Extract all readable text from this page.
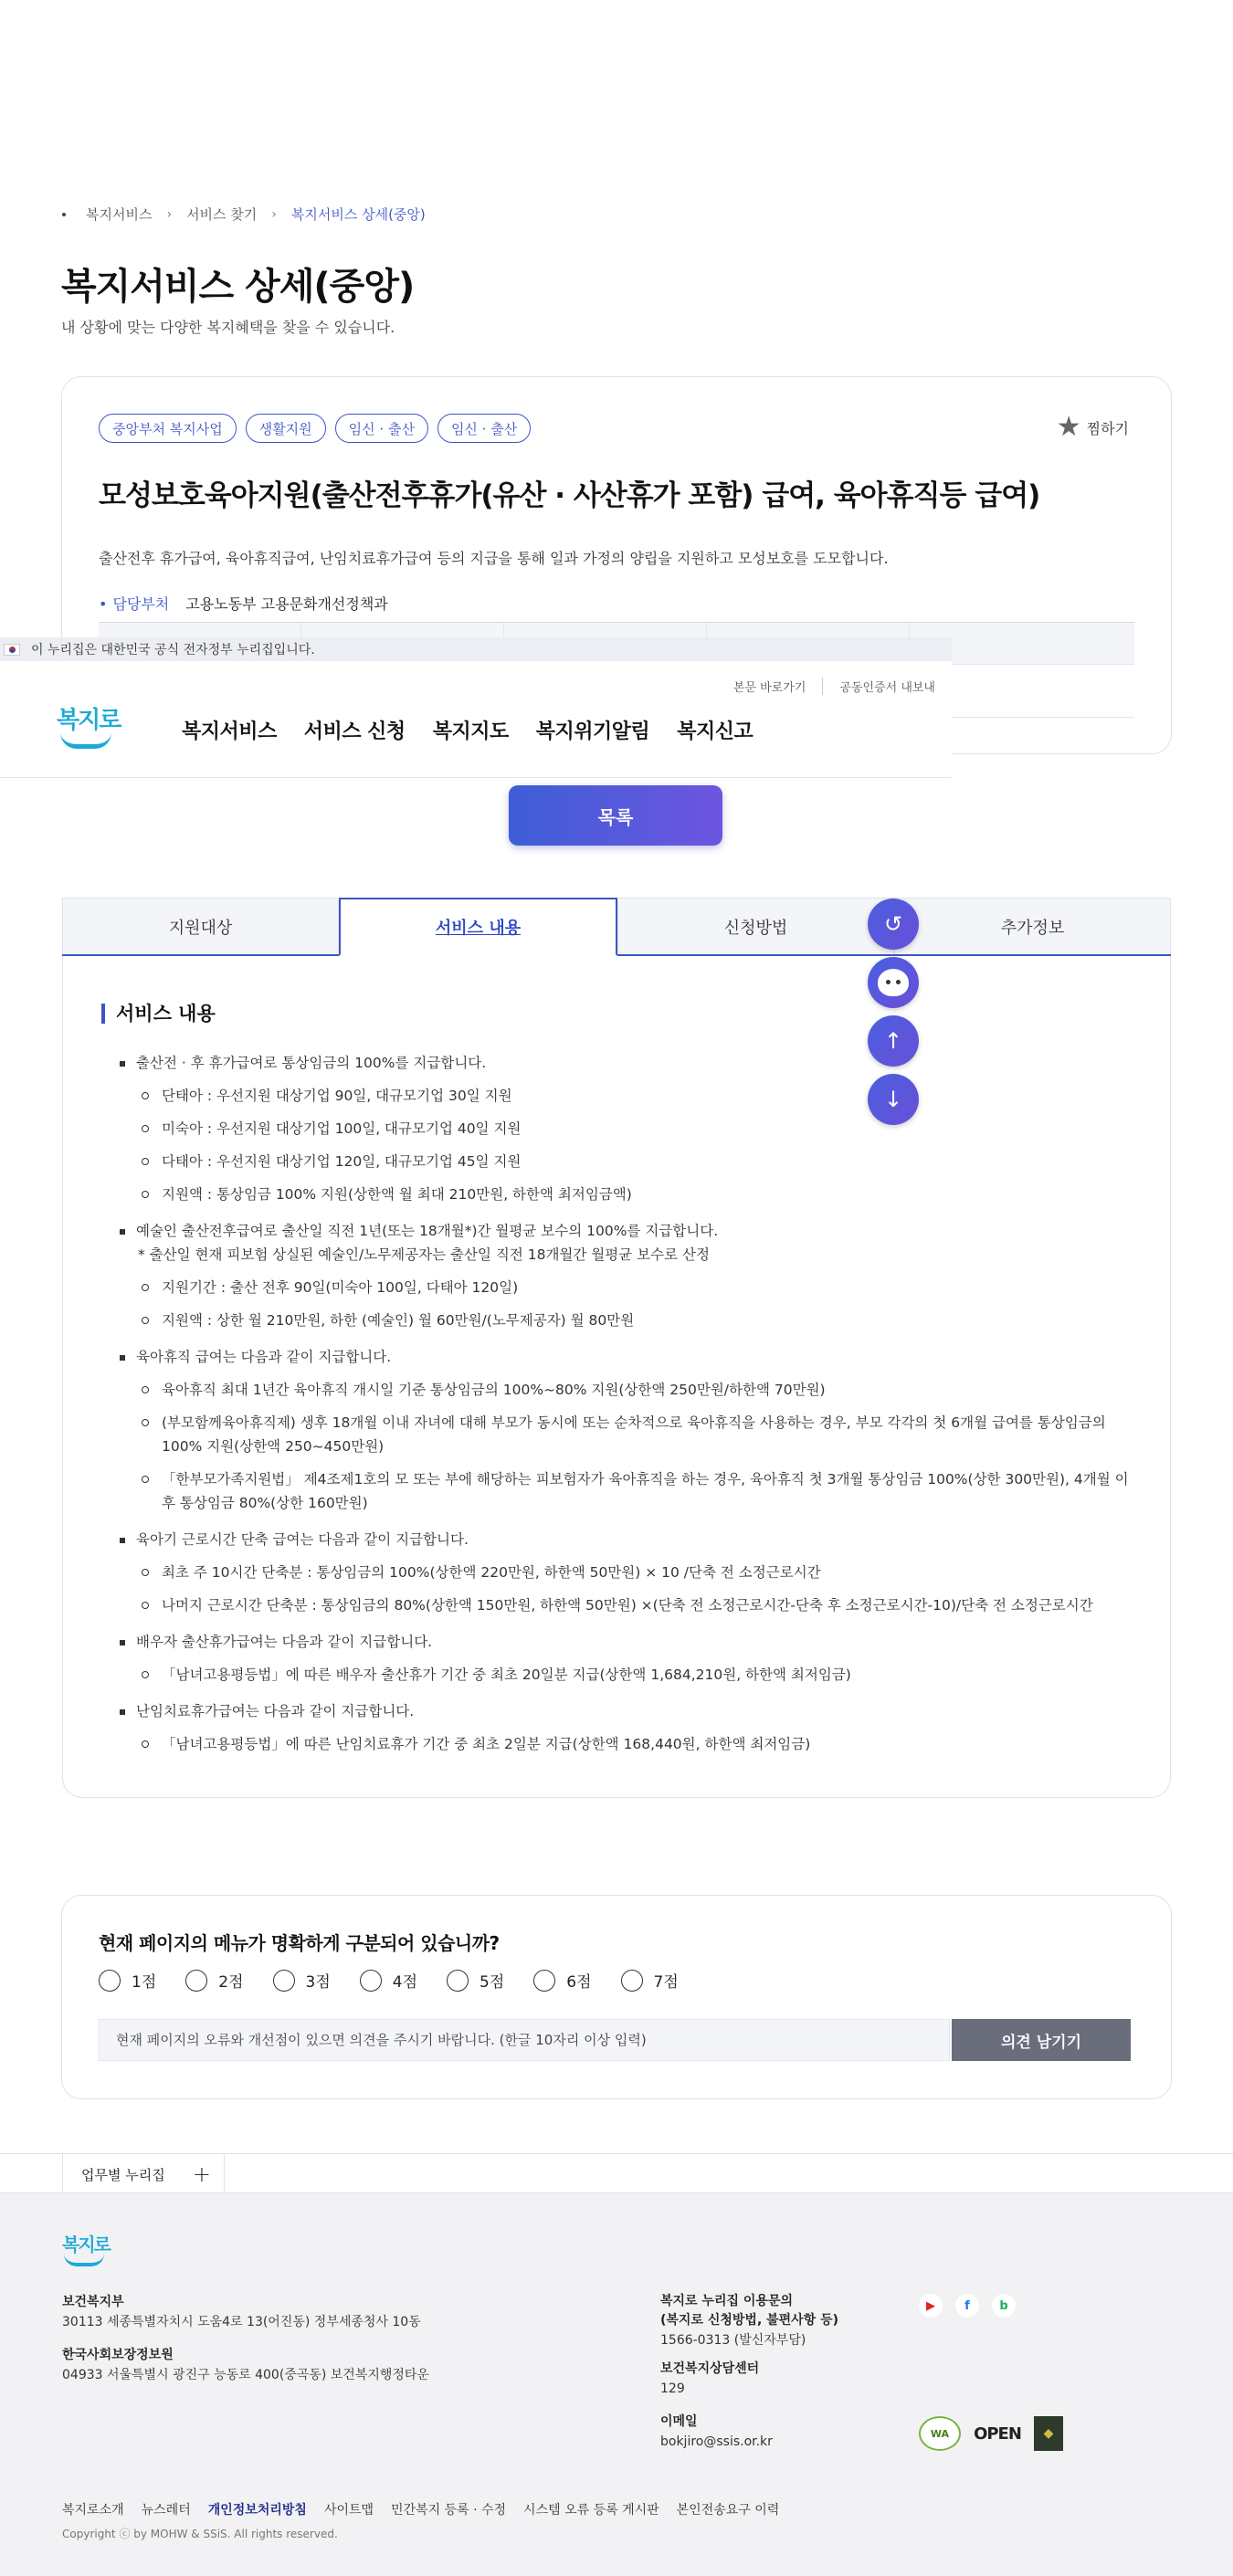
복지서비스 › 서비스 찾기 › 복지서비스 상세(중앙)
복지서비스 상세(중앙)

내 상황에 맞는 다양한 복지혜택을 찾을 수 있습니다.

중앙부처 복지사업	생활지원	임신 · 출산	임신 · 출산	★ 찜하기
모성보호육아지원(출산전후휴가(유산 · 사산휴가 포함) 급여, 육아휴직등 급여)

출산전후 휴가급여, 육아휴직급여, 난임치료휴가급여 등의 지급을 통해 일과 가정의 양립을 지원하고 모성보호를 도모합니다.

• 담당부처 고용노동부 고용문화개선정책과
이 누리집은 대한민국 공식 전자정부 누리집입니다.
본문 바로가기	공동인증서 내보내
복지로	복지서비스 서비스 신청 복지지도 복지위기알림 복지신고
목록
지원대상	서비스 내용	신청방법	추가정보
서비스 내용
출산전 · 후 휴가급여로 통상임금의 100%를 지급합니다.
단태아 : 우선지원 대상기업 90일, 대규모기업 30일 지원
미숙아 : 우선지원 대상기업 100일, 대규모기업 40일 지원
다태아 : 우선지원 대상기업 120일, 대규모기업 45일 지원
지원액 : 통상임금 100% 지원(상한액 월 최대 210만원, 하한액 최저임금액)
예술인 출산전후급여로 출산일 직전 1년(또는 18개월*)간 월평균 보수의 100%를 지급합니다.
* 출산일 현재 피보험 상실된 예술인/노무제공자는 출산일 직전 18개월간 월평균 보수로 산정
지원기간 : 출산 전후 90일(미숙아 100일, 다태아 120일)
지원액 : 상한 월 210만원, 하한 (예술인) 월 60만원/(노무제공자) 월 80만원
육아휴직 급여는 다음과 같이 지급합니다.
육아휴직 최대 1년간 육아휴직 개시일 기준 통상임금의 100%~80% 지원(상한액 250만원/하한액 70만원)
(부모함께육아휴직제) 생후 18개월 이내 자녀에 대해 부모가 동시에 또는 순차적으로 육아휴직을 사용하는 경우, 부모 각각의 첫 6개월 급여를 통상임금의 100% 지원(상한액 250~450만원)
「한부모가족지원법」 제4조제1호의 모 또는 부에 해당하는 피보험자가 육아휴직을 하는 경우, 육아휴직 첫 3개월 통상임금 100%(상한 300만원), 4개월 이후 통상임금 80%(상한 160만원)
육아기 근로시간 단축 급여는 다음과 같이 지급합니다.
최초 주 10시간 단축분 : 통상임금의 100%(상한액 220만원, 하한액 50만원) × 10 /단축 전 소정근로시간
나머지 근로시간 단축분 : 통상임금의 80%(상한액 150만원, 하한액 50만원) ×(단축 전 소정근로시간-단축 후 소정근로시간-10)/단축 전 소정근로시간
배우자 출산휴가급여는 다음과 같이 지급합니다.
「남녀고용평등법」에 따른 배우자 출산휴가 기간 중 최초 20일분 지급(상한액 1,684,210원, 하한액 최저임금)
난임치료휴가급여는 다음과 같이 지급합니다.
「남녀고용평등법」에 따른 난임치료휴가 기간 중 최초 2일분 지급(상한액 168,440원, 하한액 최저임금)
↺
↑
↓

현재 페이지의 메뉴가 명확하게 구분되어 있습니까?

1점	2점	3점	4점	5점	6점	7점
현재 페이지의 오류와 개선점이 있으면 의견을 주시기 바랍니다. (한글 10자리 이상 입력)
의견 남기기
업무별 누리집 +
복지로
보건복지부
30113 세종특별자치시 도움4로 13(어진동) 정부세종청사 10동
한국사회보장정보원
04933 서울특별시 광진구 능동로 400(중곡동) 보건복지행정타운
복지로 누리집 이용문의
(복지로 신청방법, 불편사항 등)
1566-0313 (발신자부담)
보건복지상담센터
129
이메일
bokjiro@ssis.or.kr
▶	f	b
WA	OPEN	◆
복지로소개 뉴스레터 개인정보처리방침 사이트맵 민간복지 등록 · 수정 시스템 오류 등록 게시판 본인전송요구 이력

Copyright ⓒ by MOHW & SSiS. All rights reserved.
